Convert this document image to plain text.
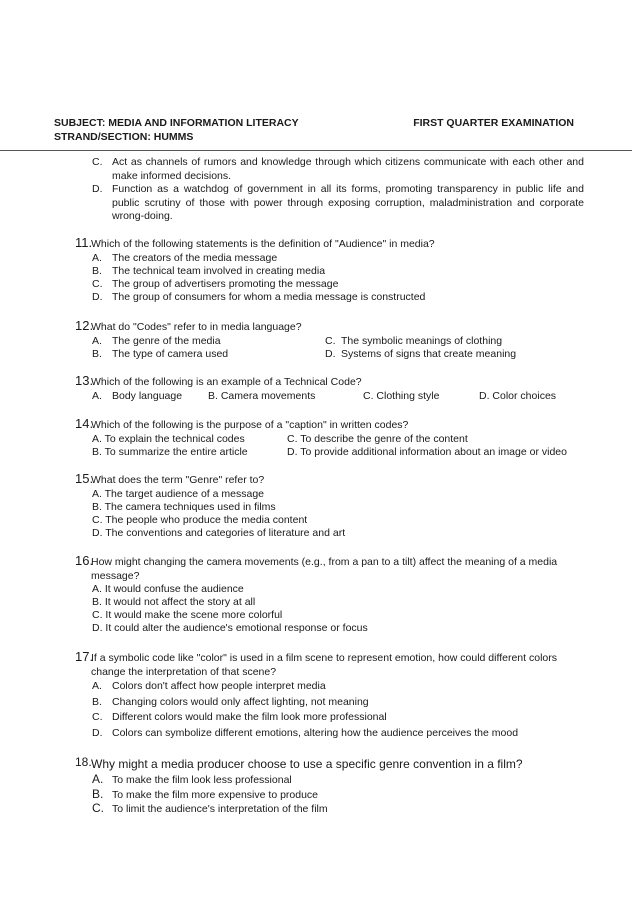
SUBJECT: MEDIA AND INFORMATION LITERACY	FIRST QUARTER EXAMINATION
STRAND/SECTION: HUMMS
C. Act as channels of rumors and knowledge through which citizens communicate with each other and make informed decisions.
D. Function as a watchdog of government in all its forms, promoting transparency in public life and public scrutiny of those with power through exposing corruption, maladministration and corporate wrong-doing.
11.
Which of the following statements is the definition of "Audience" in media?
A. The creators of the media message
B. The technical team involved in creating media
C. The group of advertisers promoting the message
D. The group of consumers for whom a media message is constructed
12.
What do "Codes" refer to in media language?
A. The genre of the media
B. The type of camera used
C. The symbolic meanings of clothing
D. Systems of signs that create meaning
13.
Which of the following is an example of a Technical Code?
A. Body language B. Camera movements	C. Clothing style	D. Color choices
14.
Which of the following is the purpose of a "caption" in written codes?
A. To explain the technical codes
B. To summarize the entire article
C. To describe the genre of the content
D. To provide additional information about an image or video
15.
What does the term "Genre" refer to?
A. The target audience of a message
B. The camera techniques used in films
C. The people who produce the media content
D. The conventions and categories of literature and art
16.
How might changing the camera movements (e.g., from a pan to a tilt) affect the meaning of a media message?
A. It would confuse the audience
B. It would not affect the story at all
C. It would make the scene more colorful
D. It could alter the audience's emotional response or focus
17.
If a symbolic code like "color" is used in a film scene to represent emotion, how could different colors change the interpretation of that scene?
A. Colors don't affect how people interpret media
B. Changing colors would only affect lighting, not meaning
C. Different colors would make the film look more professional
D. Colors can symbolize different emotions, altering how the audience perceives the mood
18. Why might a media producer choose to use a specific genre convention in a film?
A. To make the film look less professional
B. To make the film more expensive to produce
C. To limit the audience's interpretation of the film
